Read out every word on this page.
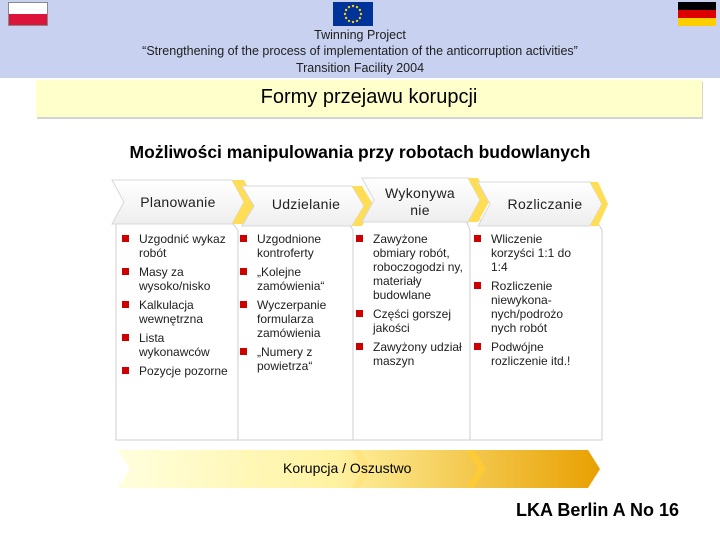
Twinning Project
“Strengthening of the process of implementation of the anticorruption activities”
Transition Facility 2004
Formy przejawu korupcji
Możliwości manipulowania przy robotach budowlanych
Planowanie	Udzielanie
Wykonywa nie	Rozliczanie
Uzgodnić wykaz robót
Masy za wysoko/nisko
Kalkulacja wewnętrzna
Lista wykonawców
Pozycje pozorne
Uzgodnione kontroferty
„Kolejne zamówienia“
Wyczerpanie formularza zamówienia
„Numery z powietrza“
Zawyżone obmiary robót, roboczogodzi ny, materiały budowlane
Części gorszej jakości
Zawyżony udział maszyn
Wliczenie korzyści 1:1 do 1:4
Rozliczenie niewykona-nych/podrożo nych robót
Podwójne rozliczenie itd.!
Korupcja / Oszustwo
LKA Berlin A No 16
